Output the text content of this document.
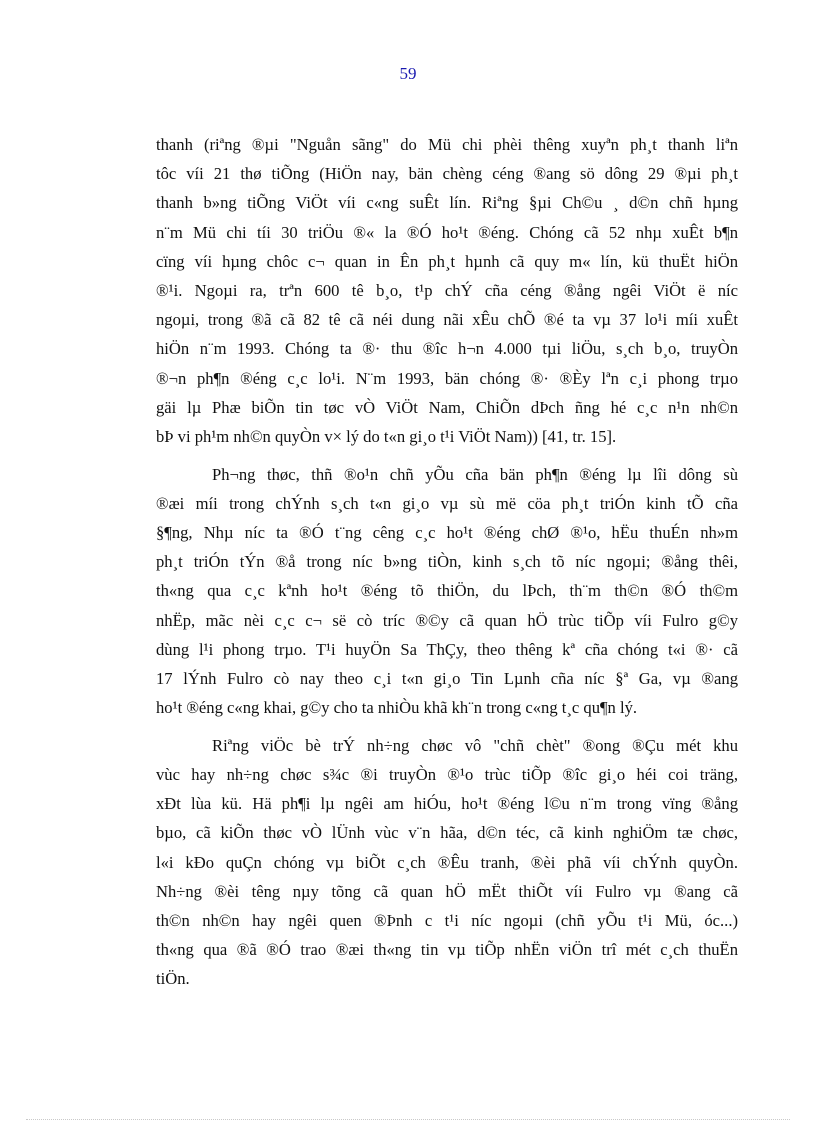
59
thanh (riªng ®µi "Nguån sãng" do Mü chi phèi thêng xuyªn ph¸t thanh liªn
tôc víi 21 thø tiÕng (HiÖn nay, bän chèng céng ®ang sö dông 29 ®µi ph¸t
thanh b»ng tiÕng ViÖt víi c«ng suÊt lín. Riªng §µi Ch©u ¸ d©n chñ hµng
n¨m Mü chi tíi 30 triÖu ®« la ®Ó ho¹t ®éng. Chóng cã 52 nhµ xuÊt b¶n
cïng víi hµng chôc c¬ quan in Ên ph¸t hµnh cã quy m« lín, kü thuËt hiÖn
®¹i. Ngoµi ra, trªn 600 tê b¸o, t¹p chÝ cña céng ®ång ngêi ViÖt ë níc
ngoµi, trong ®ã cã 82 tê cã néi dung nãi xÊu chÕ ®é ta vµ 37 lo¹i míi xuÊt
hiÖn n¨m 1993. Chóng ta ®· thu ®îc h¬n 4.000 tµi liÖu, s¸ch b¸o, truyÒn
®¬n ph¶n ®éng c¸c lo¹i. N¨m 1993, bän chóng ®· ®Èy lªn c¸i phong trµo
gäi lµ Phæ biÕn tin tøc vÒ ViÖt Nam, ChiÕn dÞch ñng hé c¸c n¹n nh©n
bÞ vi ph¹m nh©n quyÒn v× lý do t«n gi¸o t¹i ViÖt Nam)) [41, tr. 15].
Ph¬ng thøc, thñ ®o¹n chñ yÕu cña bän ph¶n ®éng lµ lîi dông sù
®æi míi trong chÝnh s¸ch t«n gi¸o vµ sù më cöa ph¸t triÓn kinh tÕ cña
§¶ng, Nhµ níc ta ®Ó t¨ng cêng c¸c ho¹t ®éng chØ ®¹o, hËu thuÉn nh»m
ph¸t triÓn tÝn ®å trong níc b»ng tiÒn, kinh s¸ch tõ níc ngoµi; ®ång thêi,
th«ng qua c¸c kªnh ho¹t ®éng tõ thiÖn, du lÞch, th¨m th©n ®Ó th©m
nhËp, mãc nèi c¸c c¬ së cò tríc ®©y cã quan hÖ trùc tiÕp víi Fulro g©y
dùng l¹i phong trµo. T¹i huyÖn Sa ThÇy, theo thêng kª cña chóng t«i ®· cã
17 lÝnh Fulro cò nay theo c¸i t«n gi¸o Tin Lµnh cña níc §ª Ga, vµ ®ang
ho¹t ®éng c«ng khai, g©y cho ta nhiÒu khã kh¨n trong c«ng t¸c qu¶n lý.
Riªng viÖc bè trÝ nh÷ng chøc vô "chñ chèt" ®ong ®Çu mét khu
vùc hay nh÷ng chøc s¾c ®i truyÒn ®¹o trùc tiÕp ®îc gi¸o héi coi träng,
xÐt lùa kü. Hä ph¶i lµ ngêi am hiÓu, ho¹t ®éng l©u n¨m trong vïng ®ång
bµo, cã kiÕn thøc vÒ lÜnh vùc v¨n hãa, d©n téc, cã kinh nghiÖm tæ chøc,
l«i kÐo quÇn chóng vµ biÕt c¸ch ®Êu tranh, ®èi phã víi chÝnh quyÒn.
Nh÷ng ®èi têng nµy tõng cã quan hÖ mËt thiÕt víi Fulro vµ ®ang cã
th©n nh©n hay ngêi quen ®Þnh c t¹i níc ngoµi (chñ yÕu t¹i Mü, óc...)
th«ng qua ®ã ®Ó trao ®æi th«ng tin vµ tiÕp nhËn viÖn trî mét c¸ch thuËn
tiÖn.
